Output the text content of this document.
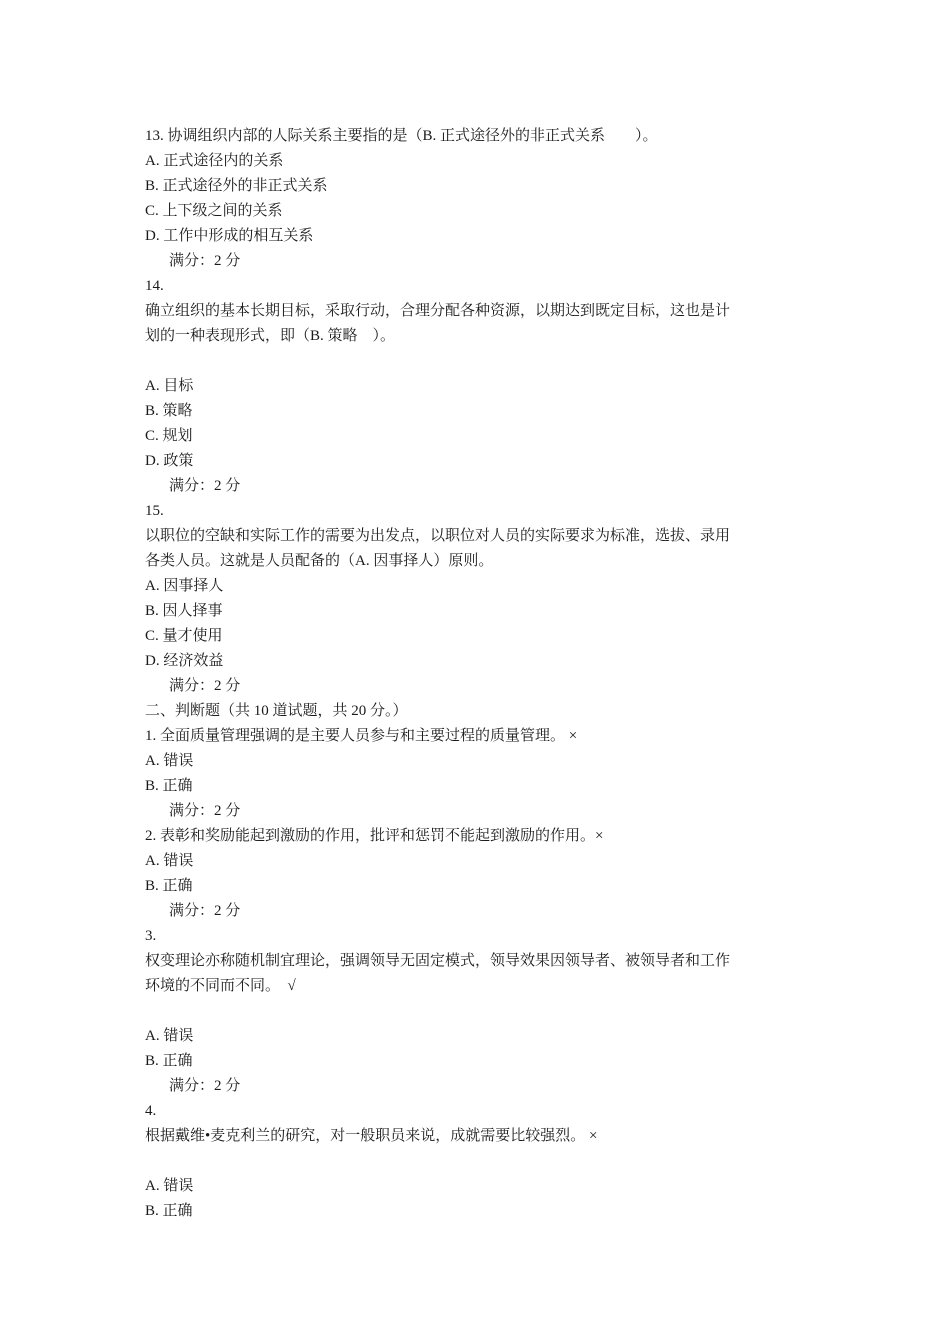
13. 协调组织内部的人际关系主要指的是（B. 正式途径外的非正式关系　　）。
A. 正式途径内的关系
B. 正式途径外的非正式关系
C. 上下级之间的关系
D. 工作中形成的相互关系
满分：2 分
14.
确立组织的基本长期目标，采取行动，合理分配各种资源，以期达到既定目标，这也是计
划的一种表现形式，即（B. 策略　）。
A. 目标
B. 策略
C. 规划
D. 政策
满分：2 分
15.
以职位的空缺和实际工作的需要为出发点，以职位对人员的实际要求为标准，选拔、录用
各类人员。这就是人员配备的（A. 因事择人）原则。
A. 因事择人
B. 因人择事
C. 量才使用
D. 经济效益
满分：2 分
二、判断题（共 10 道试题，共 20 分。）
1. 全面质量管理强调的是主要人员参与和主要过程的质量管理。 ×
A. 错误
B. 正确
满分：2 分
2. 表彰和奖励能起到激励的作用，批评和惩罚不能起到激励的作用。×
A. 错误
B. 正确
满分：2 分
3.
权变理论亦称随机制宜理论，强调领导无固定模式，领导效果因领导者、被领导者和工作
环境的不同而不同。　√
A. 错误
B. 正确
满分：2 分
4.
根据戴维•麦克利兰的研究，对一般职员来说，成就需要比较强烈。 ×
A. 错误
B. 正确
